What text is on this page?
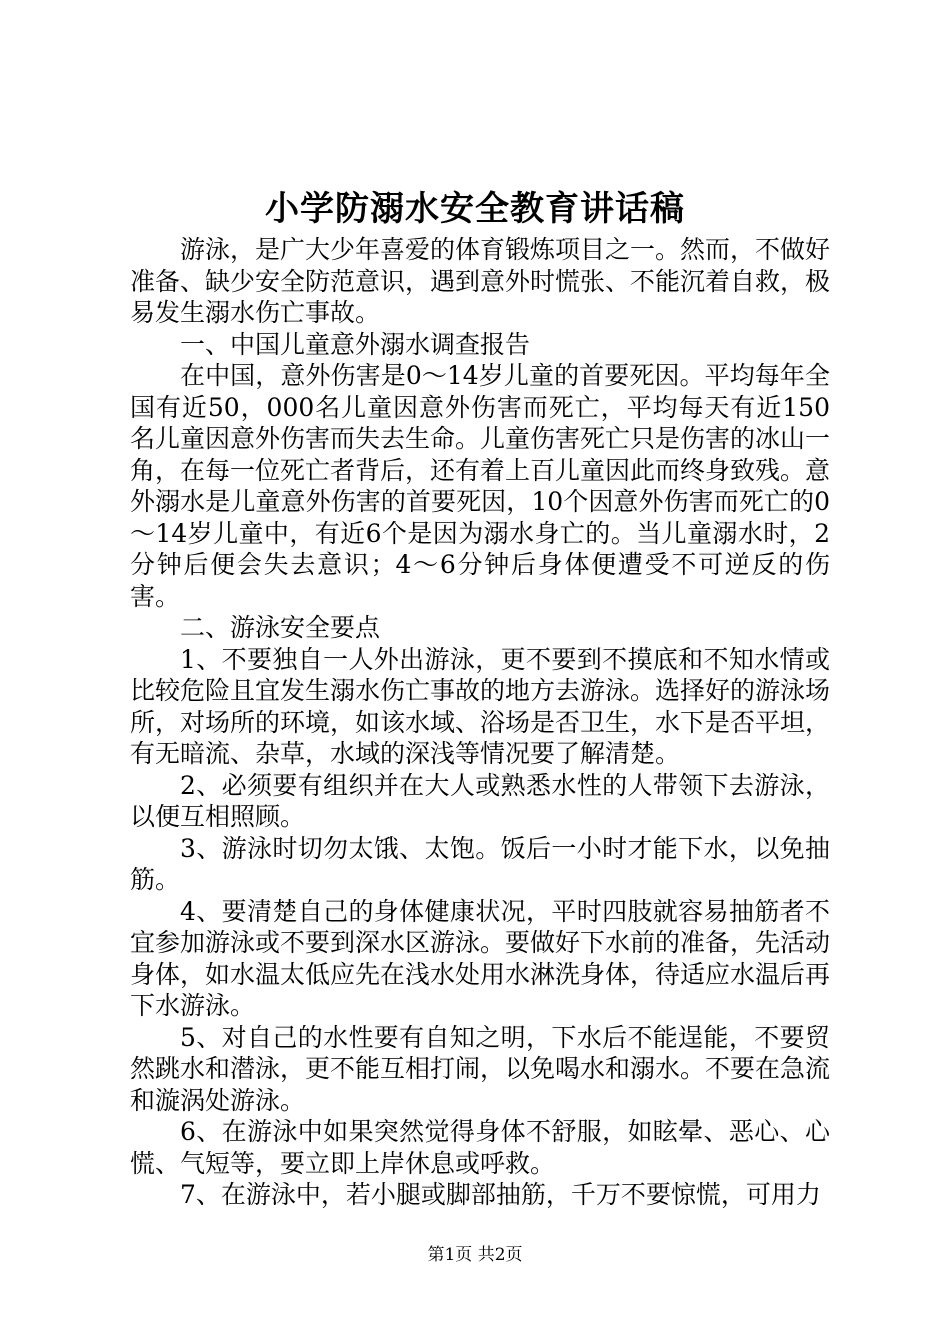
小学防溺水安全教育讲话稿

游泳，是广大少年喜爱的体育锻炼项目之一。然而，不做好准备、缺少安全防范意识，遇到意外时慌张、不能沉着自救，极易发生溺水伤亡事故。

一、中国儿童意外溺水调查报告

在中国，意外伤害是0～14岁儿童的首要死因。平均每年全国有近50，000名儿童因意外伤害而死亡，平均每天有近150名儿童因意外伤害而失去生命。儿童伤害死亡只是伤害的冰山一角，在每一位死亡者背后，还有着上百儿童因此而终身致残。意外溺水是儿童意外伤害的首要死因，10个因意外伤害而死亡的0～14岁儿童中，有近6个是因为溺水身亡的。当儿童溺水时，2分钟后便会失去意识；4～6分钟后身体便遭受不可逆反的伤害。

二、游泳安全要点

1、不要独自一人外出游泳，更不要到不摸底和不知水情或比较危险且宜发生溺水伤亡事故的地方去游泳。选择好的游泳场所，对场所的环境，如该水域、浴场是否卫生，水下是否平坦，有无暗流、杂草，水域的深浅等情况要了解清楚。

2、必须要有组织并在大人或熟悉水性的人带领下去游泳，以便互相照顾。

3、游泳时切勿太饿、太饱。饭后一小时才能下水，以免抽筋。

4、要清楚自己的身体健康状况，平时四肢就容易抽筋者不宜参加游泳或不要到深水区游泳。要做好下水前的准备，先活动身体，如水温太低应先在浅水处用水淋洗身体，待适应水温后再下水游泳。

5、对自己的水性要有自知之明，下水后不能逞能，不要贸然跳水和潜泳，更不能互相打闹，以免喝水和溺水。不要在急流和漩涡处游泳。

6、在游泳中如果突然觉得身体不舒服，如眩晕、恶心、心慌、气短等，要立即上岸休息或呼救。

7、在游泳中，若小腿或脚部抽筋，千万不要惊慌，可用力

第1页 共2页
